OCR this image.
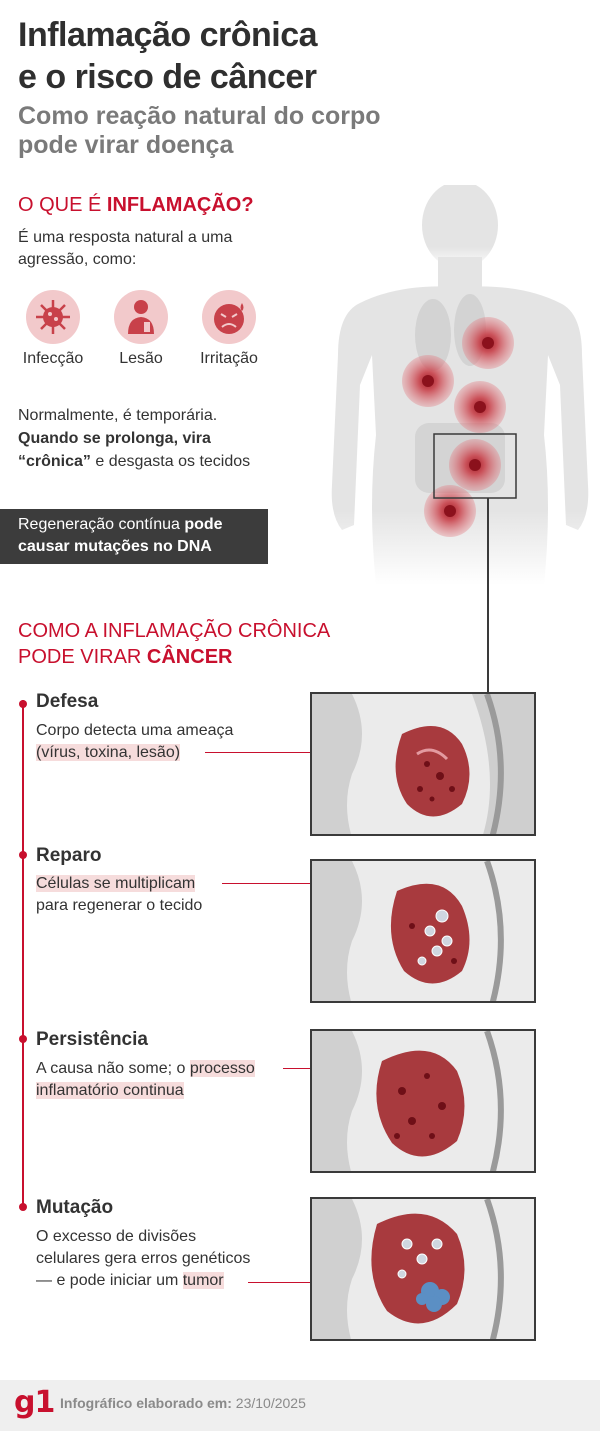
Inflamação crônica
e o risco de câncer
Como reação natural do corpo
pode virar doença
O QUE É INFLAMAÇÃO?
É uma resposta natural a uma
agressão, como:
Infecção	Lesão	Irritação
Normalmente, é temporária.
Quando se prolonga, vira
“crônica” e desgasta os tecidos
Regeneração contínua pode
causar mutações no DNA
COMO A INFLAMAÇÃO CRÔNICA
PODE VIRAR CÂNCER
Defesa
Corpo detecta uma ameaça
(vírus, toxina, lesão)
Reparo
Células se multiplicam
para regenerar o tecido
Persistência
A causa não some; o processo
inflamatório continua
Mutação
O excesso de divisões
celulares gera erros genéticos
— e pode iniciar um tumor
g1 Infográfico elaborado em: 23/10/2025
